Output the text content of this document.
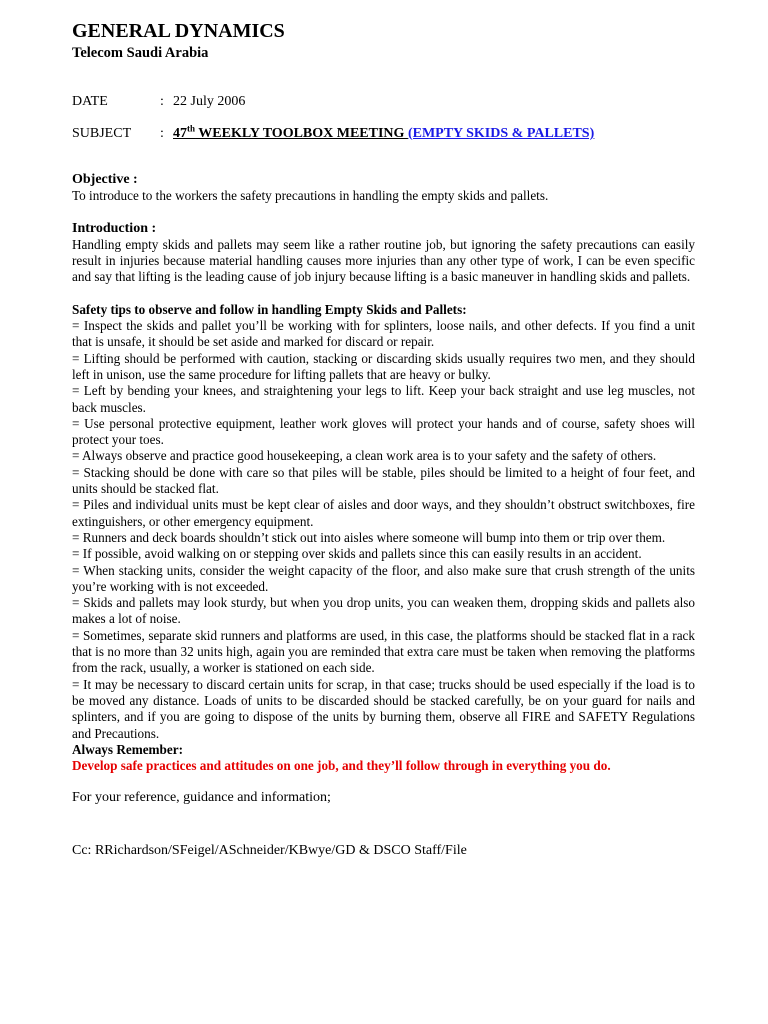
GENERAL DYNAMICS

Telecom Saudi Arabia

DATE	: 22 July 2006
SUBJECT : 47th WEEKLY TOOLBOX MEETING (EMPTY SKIDS & PALLETS)
Objective :

To introduce to the workers the safety precautions in handling the empty skids and pallets.

Introduction :

Handling empty skids and pallets may seem like a rather routine job, but ignoring the safety precautions can easily result in injuries because material handling causes more injuries than any other type of work, I can be even specific and say that lifting is the leading cause of job injury because lifting is a basic maneuver in handling skids and pallets.

Safety tips to observe and follow in handling Empty Skids and Pallets:

= Inspect the skids and pallet you’ll be working with for splinters, loose nails, and other defects. If you find a unit that is unsafe, it should be set aside and marked for discard or repair.

= Lifting should be performed with caution, stacking or discarding skids usually requires two men, and they should left in unison, use the same procedure for lifting pallets that are heavy or bulky.

= Left by bending your knees, and straightening your legs to lift. Keep your back straight and use leg muscles, not back muscles.

= Use personal protective equipment, leather work gloves will protect your hands and of course, safety shoes will protect your toes.

= Always observe and practice good housekeeping, a clean work area is to your safety and the safety of others.

= Stacking should be done with care so that piles will be stable, piles should be limited to a height of four feet, and units should be stacked flat.

= Piles and individual units must be kept clear of aisles and door ways, and they shouldn’t obstruct switchboxes, fire extinguishers, or other emergency equipment.

= Runners and deck boards shouldn’t stick out into aisles where someone will bump into them or trip over them.

= If possible, avoid walking on or stepping over skids and pallets since this can easily results in an accident.

= When stacking units, consider the weight capacity of the floor, and also make sure that crush strength of the units you’re working with is not exceeded.

= Skids and pallets may look sturdy, but when you drop units, you can weaken them, dropping skids and pallets also makes a lot of noise.

= Sometimes, separate skid runners and platforms are used, in this case, the platforms should be stacked flat in a rack that is no more than 32 units high, again you are reminded that extra care must be taken when removing the platforms from the rack, usually, a worker is stationed on each side.

= It may be necessary to discard certain units for scrap, in that case; trucks should be used especially if the load is to be moved any distance. Loads of units to be discarded should be stacked carefully, be on your guard for nails and splinters, and if you are going to dispose of the units by burning them, observe all FIRE and SAFETY Regulations and Precautions.

Always Remember:

Develop safe practices and attitudes on one job, and they’ll follow through in everything you do.

For your reference, guidance and information;

Cc: RRichardson/SFeigel/ASchneider/KBwye/GD & DSCO Staff/File
